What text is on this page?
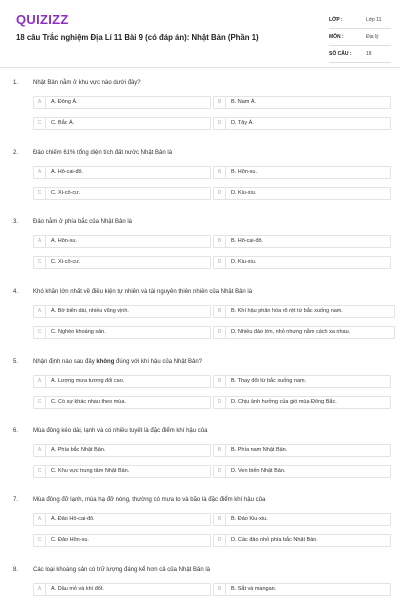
QUIZIZZ
18 câu Trắc nghiệm Địa Lí 11 Bài 9 (có đáp án): Nhật Bản (Phần 1)
LỚP :	Lớp 11
MÔN :	Địa lý
SỐ CÂU :	18
1. Nhật Bản nằm ở khu vực nào dưới đây?
A	A. Đông Á.	B	B. Nam Á.
C	C. Bắc Á.	D	D. Tây Á.
2. Đảo chiếm 61% tổng diện tích đất nước Nhật Bản là
A	A. Hô-cai-đô.	B	B. Hôn-su.
C	C. Xi-cô-cư.	D	D. Kiu-xiu.
3. Đảo nằm ở phía bắc của Nhật Bản là
A	A. Hôn-su.	B	B. Hô-cai-đô.
C	C. Xi-cô-cư.	D	D. Kiu-xiu.
4. Khó khăn lớn nhất về điều kiện tự nhiên và tài nguyên thiên nhiên của Nhật Bản là
A	A. Bờ biển dài, nhiều vũng vịnh.	B	B. Khí hậu phân hóa rõ rệt từ bắc xuống nam.
C	C. Nghèo khoáng sản.	D	D. Nhiều đảo lớn, nhỏ nhưng nằm cách xa nhau.
5. Nhận định nào sau đây không đúng với khí hậu của Nhật Bản?
A	A. Lượng mưa tương đối cao.	B	B. Thay đổi từ bắc xuống nam.
C	C. Có sự khác nhau theo mùa.	D	D. Chịu ảnh hưởng của gió mùa Đông Bắc.
6. Mùa đông kéo dài, lạnh và có nhiều tuyết là đặc điểm khí hậu của
A	A. Phía bắc Nhật Bản.	B	B. Phía nam Nhật Bản.
C	C. Khu vực trung tâm Nhật Bản.	D	D. Ven biển Nhật Bản.
7. Mùa đông đỡ lạnh, mùa hạ đỡ nóng, thường có mưa to và bão là đặc điểm khí hậu của
A	A. Đảo Hô-cai-đô.	B	B. Đảo Kiu-xiu.
C	C. Đảo Hôn-su.	D	D. Các đảo nhỏ phía bắc Nhật Bản.
8. Các loại khoáng sản có trữ lượng đáng kể hơn cả của Nhật Bản là
A	A. Dầu mỏ và khí đốt.	B	B. Sắt và mangan.
